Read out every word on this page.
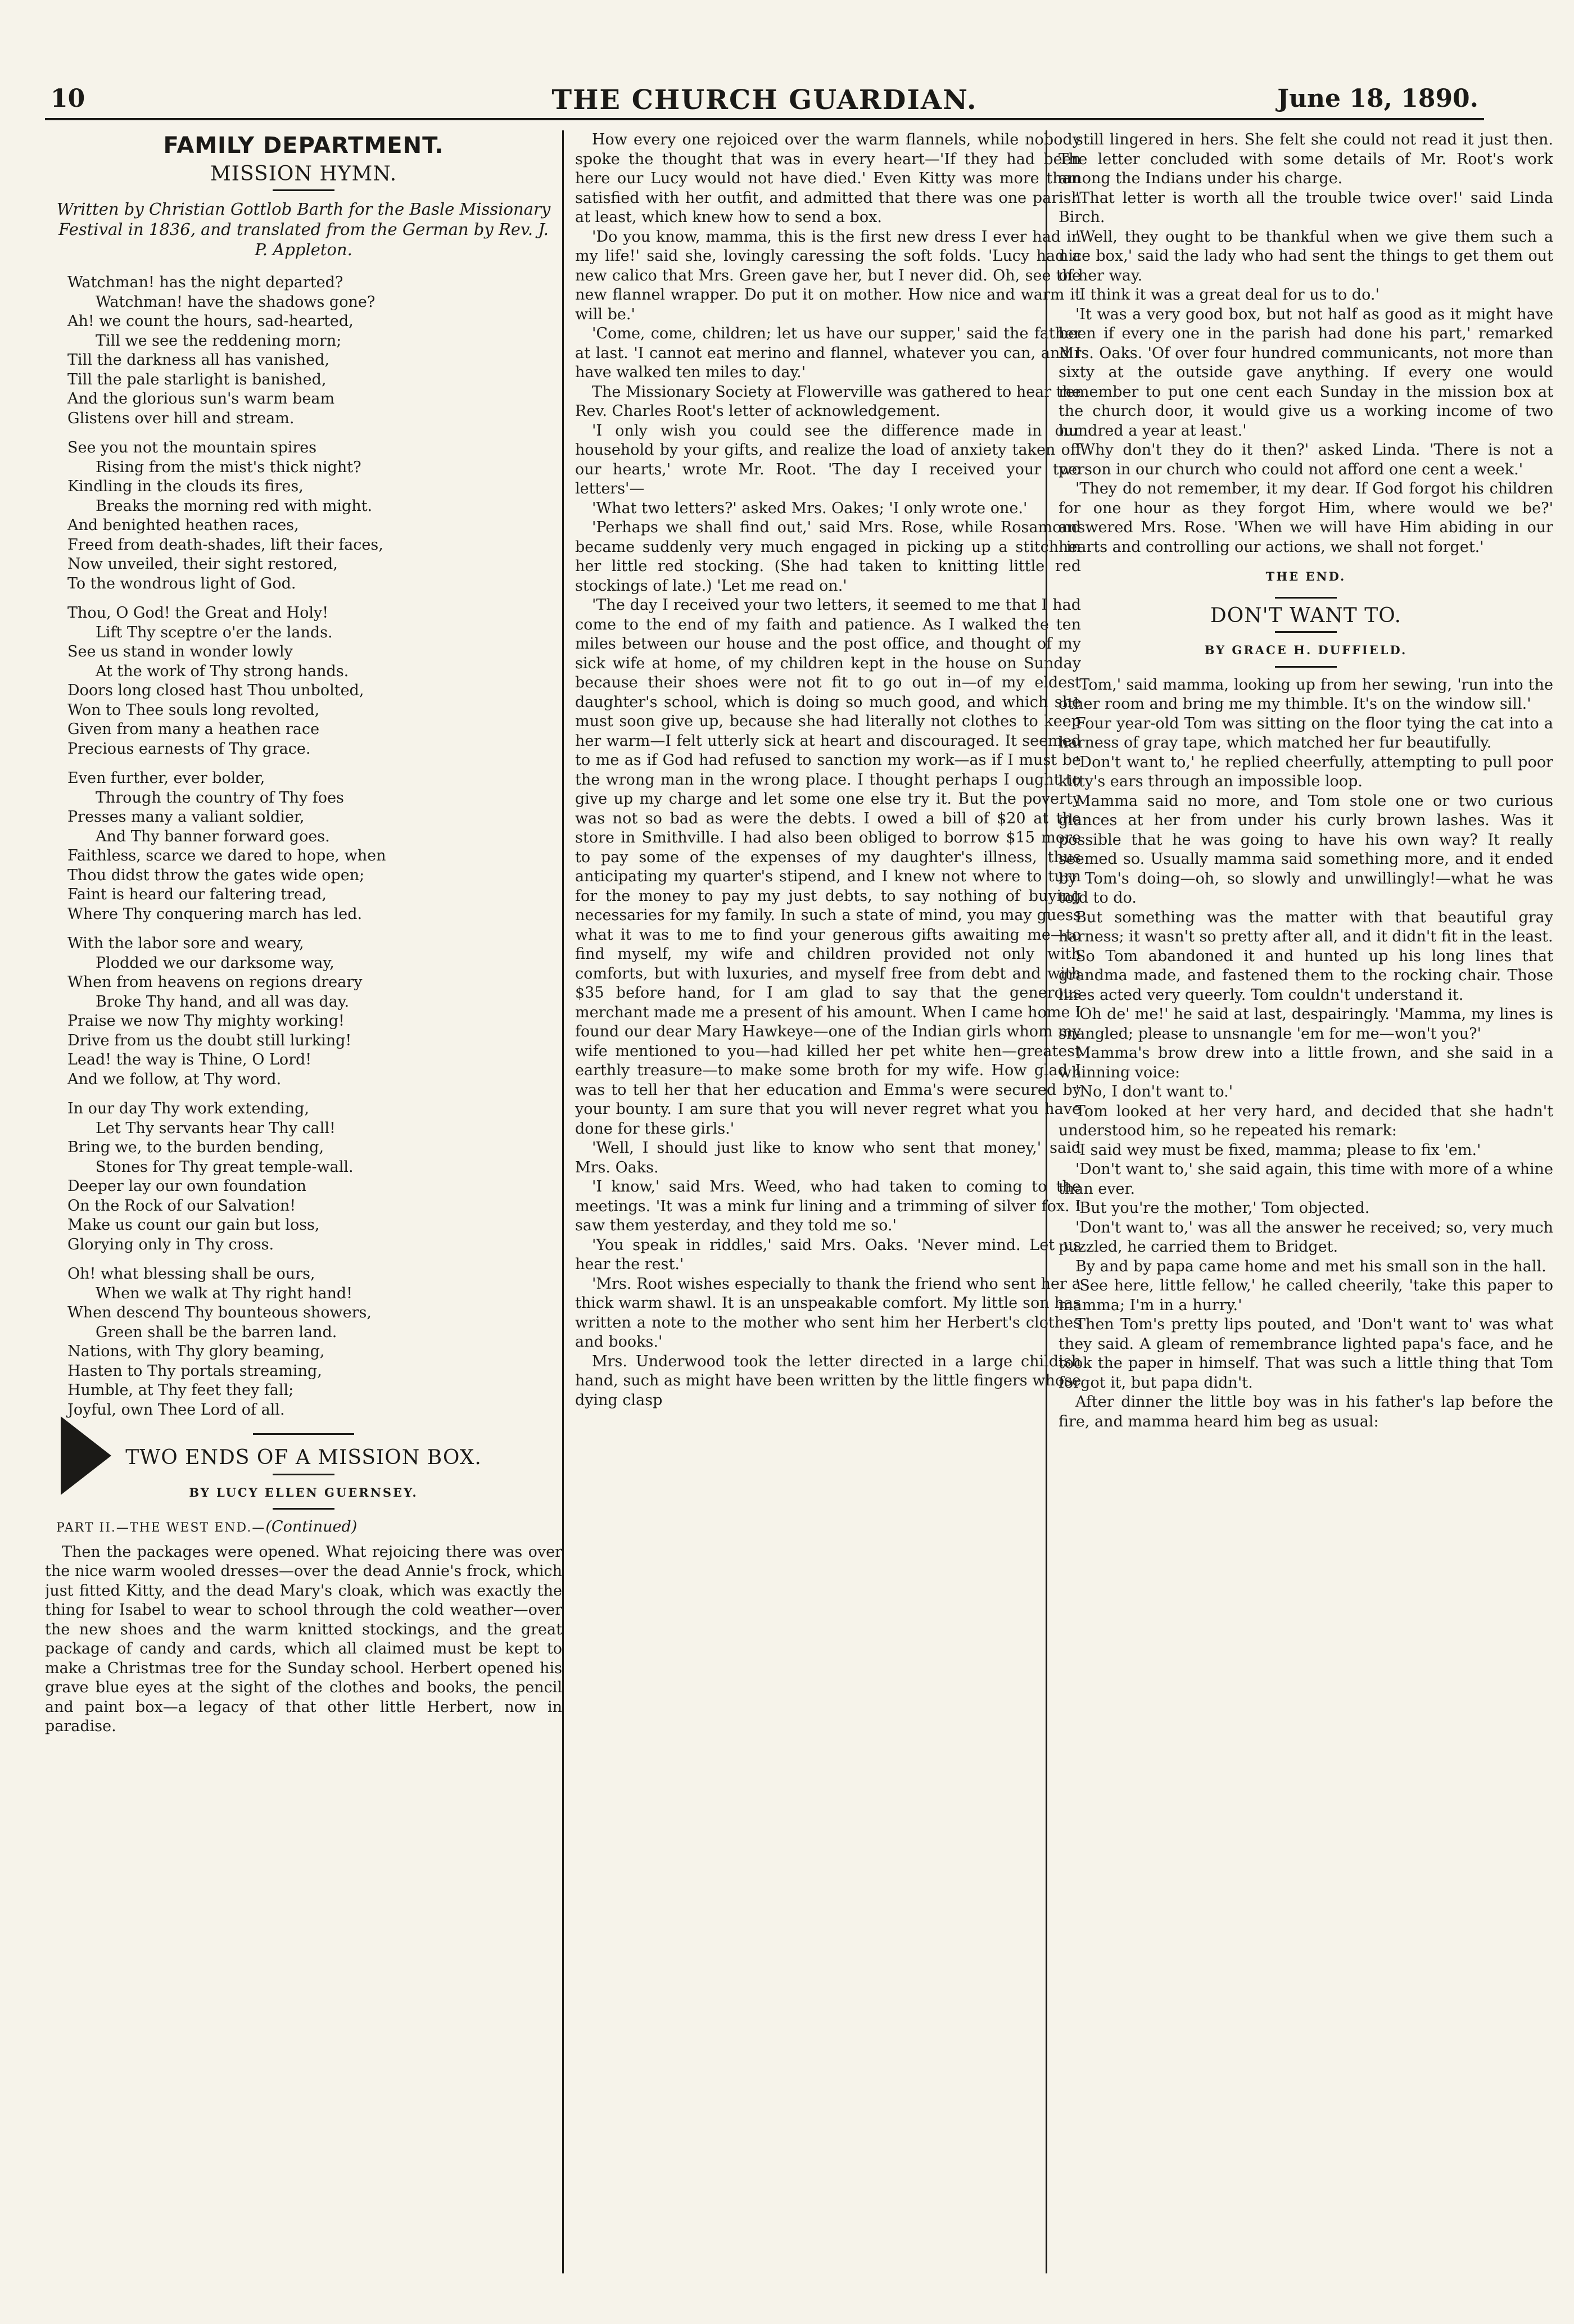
10	THE CHURCH GUARDIAN.	June 18, 1890.
FAMILY DEPARTMENT.
MISSION HYMN.
Written by Christian Gottlob Barth for the Basle Missionary Festival in 1836, and translated from the German by Rev. J. P. Appleton.
Watchman! has the night departed?
Watchman! have the shadows gone?
Ah! we count the hours, sad-hearted,
Till we see the reddening morn;
Till the darkness all has vanished,
Till the pale starlight is banished,
And the glorious sun's warm beam
Glistens over hill and stream.
See you not the mountain spires
Rising from the mist's thick night?
Kindling in the clouds its fires,
Breaks the morning red with might.
And benighted heathen races,
Freed from death-shades, lift their faces,
Now unveiled, their sight restored,
To the wondrous light of God.
Thou, O God! the Great and Holy!
Lift Thy sceptre o'er the lands.
See us stand in wonder lowly
At the work of Thy strong hands.
Doors long closed hast Thou unbolted,
Won to Thee souls long revolted,
Given from many a heathen race
Precious earnests of Thy grace.
Even further, ever bolder,
Through the country of Thy foes
Presses many a valiant soldier,
And Thy banner forward goes.
Faithless, scarce we dared to hope, when
Thou didst throw the gates wide open;
Faint is heard our faltering tread,
Where Thy conquering march has led.
With the labor sore and weary,
Plodded we our darksome way,
When from heavens on regions dreary
Broke Thy hand, and all was day.
Praise we now Thy mighty working!
Drive from us the doubt still lurking!
Lead! the way is Thine, O Lord!
And we follow, at Thy word.
In our day Thy work extending,
Let Thy servants hear Thy call!
Bring we, to the burden bending,
Stones for Thy great temple-wall.
Deeper lay our own foundation
On the Rock of our Salvation!
Make us count our gain but loss,
Glorying only in Thy cross.
Oh! what blessing shall be ours,
When we walk at Thy right hand!
When descend Thy bounteous showers,
Green shall be the barren land.
Nations, with Thy glory beaming,
Hasten to Thy portals streaming,
Humble, at Thy feet they fall;
Joyful, own Thee Lord of all.
TWO ENDS OF A MISSION BOX.
BY LUCY ELLEN GUERNSEY.
PART II.—THE WEST END.—(Continued)

Then the packages were opened. What rejoicing there was over the nice warm wooled dresses—over the dead Annie's frock, which just fitted Kitty, and the dead Mary's cloak, which was exactly the thing for Isabel to wear to school through the cold weather—over the new shoes and the warm knitted stockings, and the great package of candy and cards, which all claimed must be kept to make a Christmas tree for the Sunday school. Herbert opened his grave blue eyes at the sight of the clothes and books, the pencil and paint box—a legacy of that other little Herbert, now in paradise.

How every one rejoiced over the warm flannels, while nobody spoke the thought that was in every heart—'If they had been here our Lucy would not have died.' Even Kitty was more than satisfied with her outfit, and admitted that there was one parish at least, which knew how to send a box.

'Do you know, mamma, this is the first new dress I ever had in my life!' said she, lovingly caressing the soft folds. 'Lucy had a new calico that Mrs. Green gave her, but I never did. Oh, see the new flannel wrapper. Do put it on mother. How nice and warm it will be.'

'Come, come, children; let us have our supper,' said the father at last. 'I cannot eat merino and flannel, whatever you can, and I have walked ten miles to day.'

The Missionary Society at Flowerville was gathered to hear the Rev. Charles Root's letter of acknowledgement.

'I only wish you could see the difference made in our household by your gifts, and realize the load of anxiety taken off our hearts,' wrote Mr. Root. 'The day I received your two letters'—

'What two letters?' asked Mrs. Oakes; 'I only wrote one.'

'Perhaps we shall find out,' said Mrs. Rose, while Rosamond became suddenly very much engaged in picking up a stitch in her little red stocking. (She had taken to knitting little red stockings of late.) 'Let me read on.'

'The day I received your two letters, it seemed to me that I had come to the end of my faith and patience. As I walked the ten miles between our house and the post office, and thought of my sick wife at home, of my children kept in the house on Sunday because their shoes were not fit to go out in—of my eldest daughter's school, which is doing so much good, and which she must soon give up, because she had literally not clothes to keep her warm—I felt utterly sick at heart and discouraged. It seemed to me as if God had refused to sanction my work—as if I must be the wrong man in the wrong place. I thought perhaps I ought to give up my charge and let some one else try it. But the poverty was not so bad as were the debts. I owed a bill of $20 at the store in Smithville. I had also been obliged to borrow $15 more to pay some of the expenses of my daughter's illness, thus anticipating my quarter's stipend, and I knew not where to turn for the money to pay my just debts, to say nothing of buying necessaries for my family. In such a state of mind, you may guess what it was to me to find your generous gifts awaiting me—to find myself, my wife and children provided not only with comforts, but with luxuries, and myself free from debt and with $35 before hand, for I am glad to say that the generous merchant made me a present of his amount. When I came home I found our dear Mary Hawkeye—one of the Indian girls whom my wife mentioned to you—had killed her pet white hen—greatest earthly treasure—to make some broth for my wife. How glad I was to tell her that her education and Emma's were secured by your bounty. I am sure that you will never regret what you have done for these girls.'

'Well, I should just like to know who sent that money,' said Mrs. Oaks.

'I know,' said Mrs. Weed, who had taken to coming to the meetings. 'It was a mink fur lining and a trimming of silver fox. I saw them yesterday, and they told me so.'

'You speak in riddles,' said Mrs. Oaks. 'Never mind. Let us hear the rest.'

'Mrs. Root wishes especially to thank the friend who sent her a thick warm shawl. It is an unspeakable comfort. My little son has written a note to the mother who sent him her Herbert's clothes and books.'

Mrs. Underwood took the letter directed in a large childish hand, such as might have been written by the little fingers whose dying clasp

still lingered in hers. She felt she could not read it just then. The letter concluded with some details of Mr. Root's work among the Indians under his charge.

'That letter is worth all the trouble twice over!' said Linda Birch.

'Well, they ought to be thankful when we give them such a nice box,' said the lady who had sent the things to get them out of her way.

'I think it was a great deal for us to do.'

'It was a very good box, but not half as good as it might have been if every one in the parish had done his part,' remarked Mrs. Oaks. 'Of over four hundred communicants, not more than sixty at the outside gave anything. If every one would remember to put one cent each Sunday in the mission box at the church door, it would give us a working income of two hundred a year at least.'

'Why don't they do it then?' asked Linda. 'There is not a person in our church who could not afford one cent a week.'

'They do not remember, it my dear. If God forgot his children for one hour as they forgot Him, where would we be?' answered Mrs. Rose. 'When we will have Him abiding in our hearts and controlling our actions, we shall not forget.'

THE END.
DON'T WANT TO.
BY GRACE H. DUFFIELD.

'Tom,' said mamma, looking up from her sewing, 'run into the other room and bring me my thimble. It's on the window sill.'

Four year-old Tom was sitting on the floor tying the cat into a harness of gray tape, which matched her fur beautifully.

'Don't want to,' he replied cheerfully, attempting to pull poor kitty's ears through an impossible loop.

Mamma said no more, and Tom stole one or two curious glances at her from under his curly brown lashes. Was it possible that he was going to have his own way? It really seemed so. Usually mamma said something more, and it ended by Tom's doing—oh, so slowly and unwillingly!—what he was told to do.

But something was the matter with that beautiful gray harness; it wasn't so pretty after all, and it didn't fit in the least.

So Tom abandoned it and hunted up his long lines that grandma made, and fastened them to the rocking chair. Those lines acted very queerly. Tom couldn't understand it.

'Oh de' me!' he said at last, despairingly. 'Mamma, my lines is snangled; please to unsnangle 'em for me—won't you?'

Mamma's brow drew into a little frown, and she said in a whinning voice:

'No, I don't want to.'

Tom looked at her very hard, and decided that she hadn't understood him, so he repeated his remark:

'I said wey must be fixed, mamma; please to fix 'em.'

'Don't want to,' she said again, this time with more of a whine than ever.

'But you're the mother,' Tom objected.

'Don't want to,' was all the answer he received; so, very much puzzled, he carried them to Bridget.

By and by papa came home and met his small son in the hall.

'See here, little fellow,' he called cheerily, 'take this paper to mamma; I'm in a hurry.'

Then Tom's pretty lips pouted, and 'Don't want to' was what they said. A gleam of remembrance lighted papa's face, and he took the paper in himself. That was such a little thing that Tom forgot it, but papa didn't.

After dinner the little boy was in his father's lap before the fire, and mamma heard him beg as usual:
